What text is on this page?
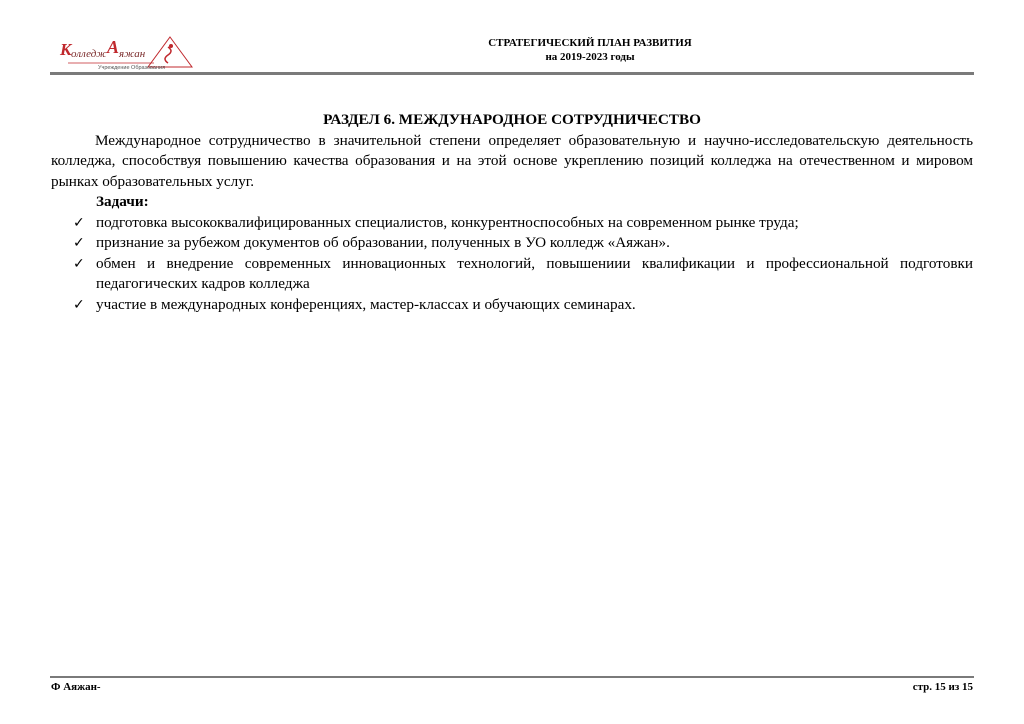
К олледж А яжан
Учреждение Образования
СТРАТЕГИЧЕСКИЙ ПЛАН РАЗВИТИЯ
на 2019-2023 годы

РАЗДЕЛ 6. МЕЖДУНАРОДНОЕ СОТРУДНИЧЕСТВО

Международное сотрудничество в значительной степени определяет образовательную и научно-исследовательскую деятельность колледжа, способствуя повышению качества образования и на этой основе укреплению позиций колледжа на отечественном и мировом рынках образовательных услуг.

Задачи:

✓ подготовка высококвалифицированных специалистов, конкурентноспособных на современном рынке труда;
✓ признание за рубежом документов об образовании, полученных в УО колледж «Аяжан».
✓ обмен и внедрение современных инновационных технологий, повышениии квалификации и профессиональной подготовки педагогических кадров колледжа
✓ участие в международных конференциях, мастер-классах и обучающих семинарах.
Ф Аяжан-	стр. 15 из 15
